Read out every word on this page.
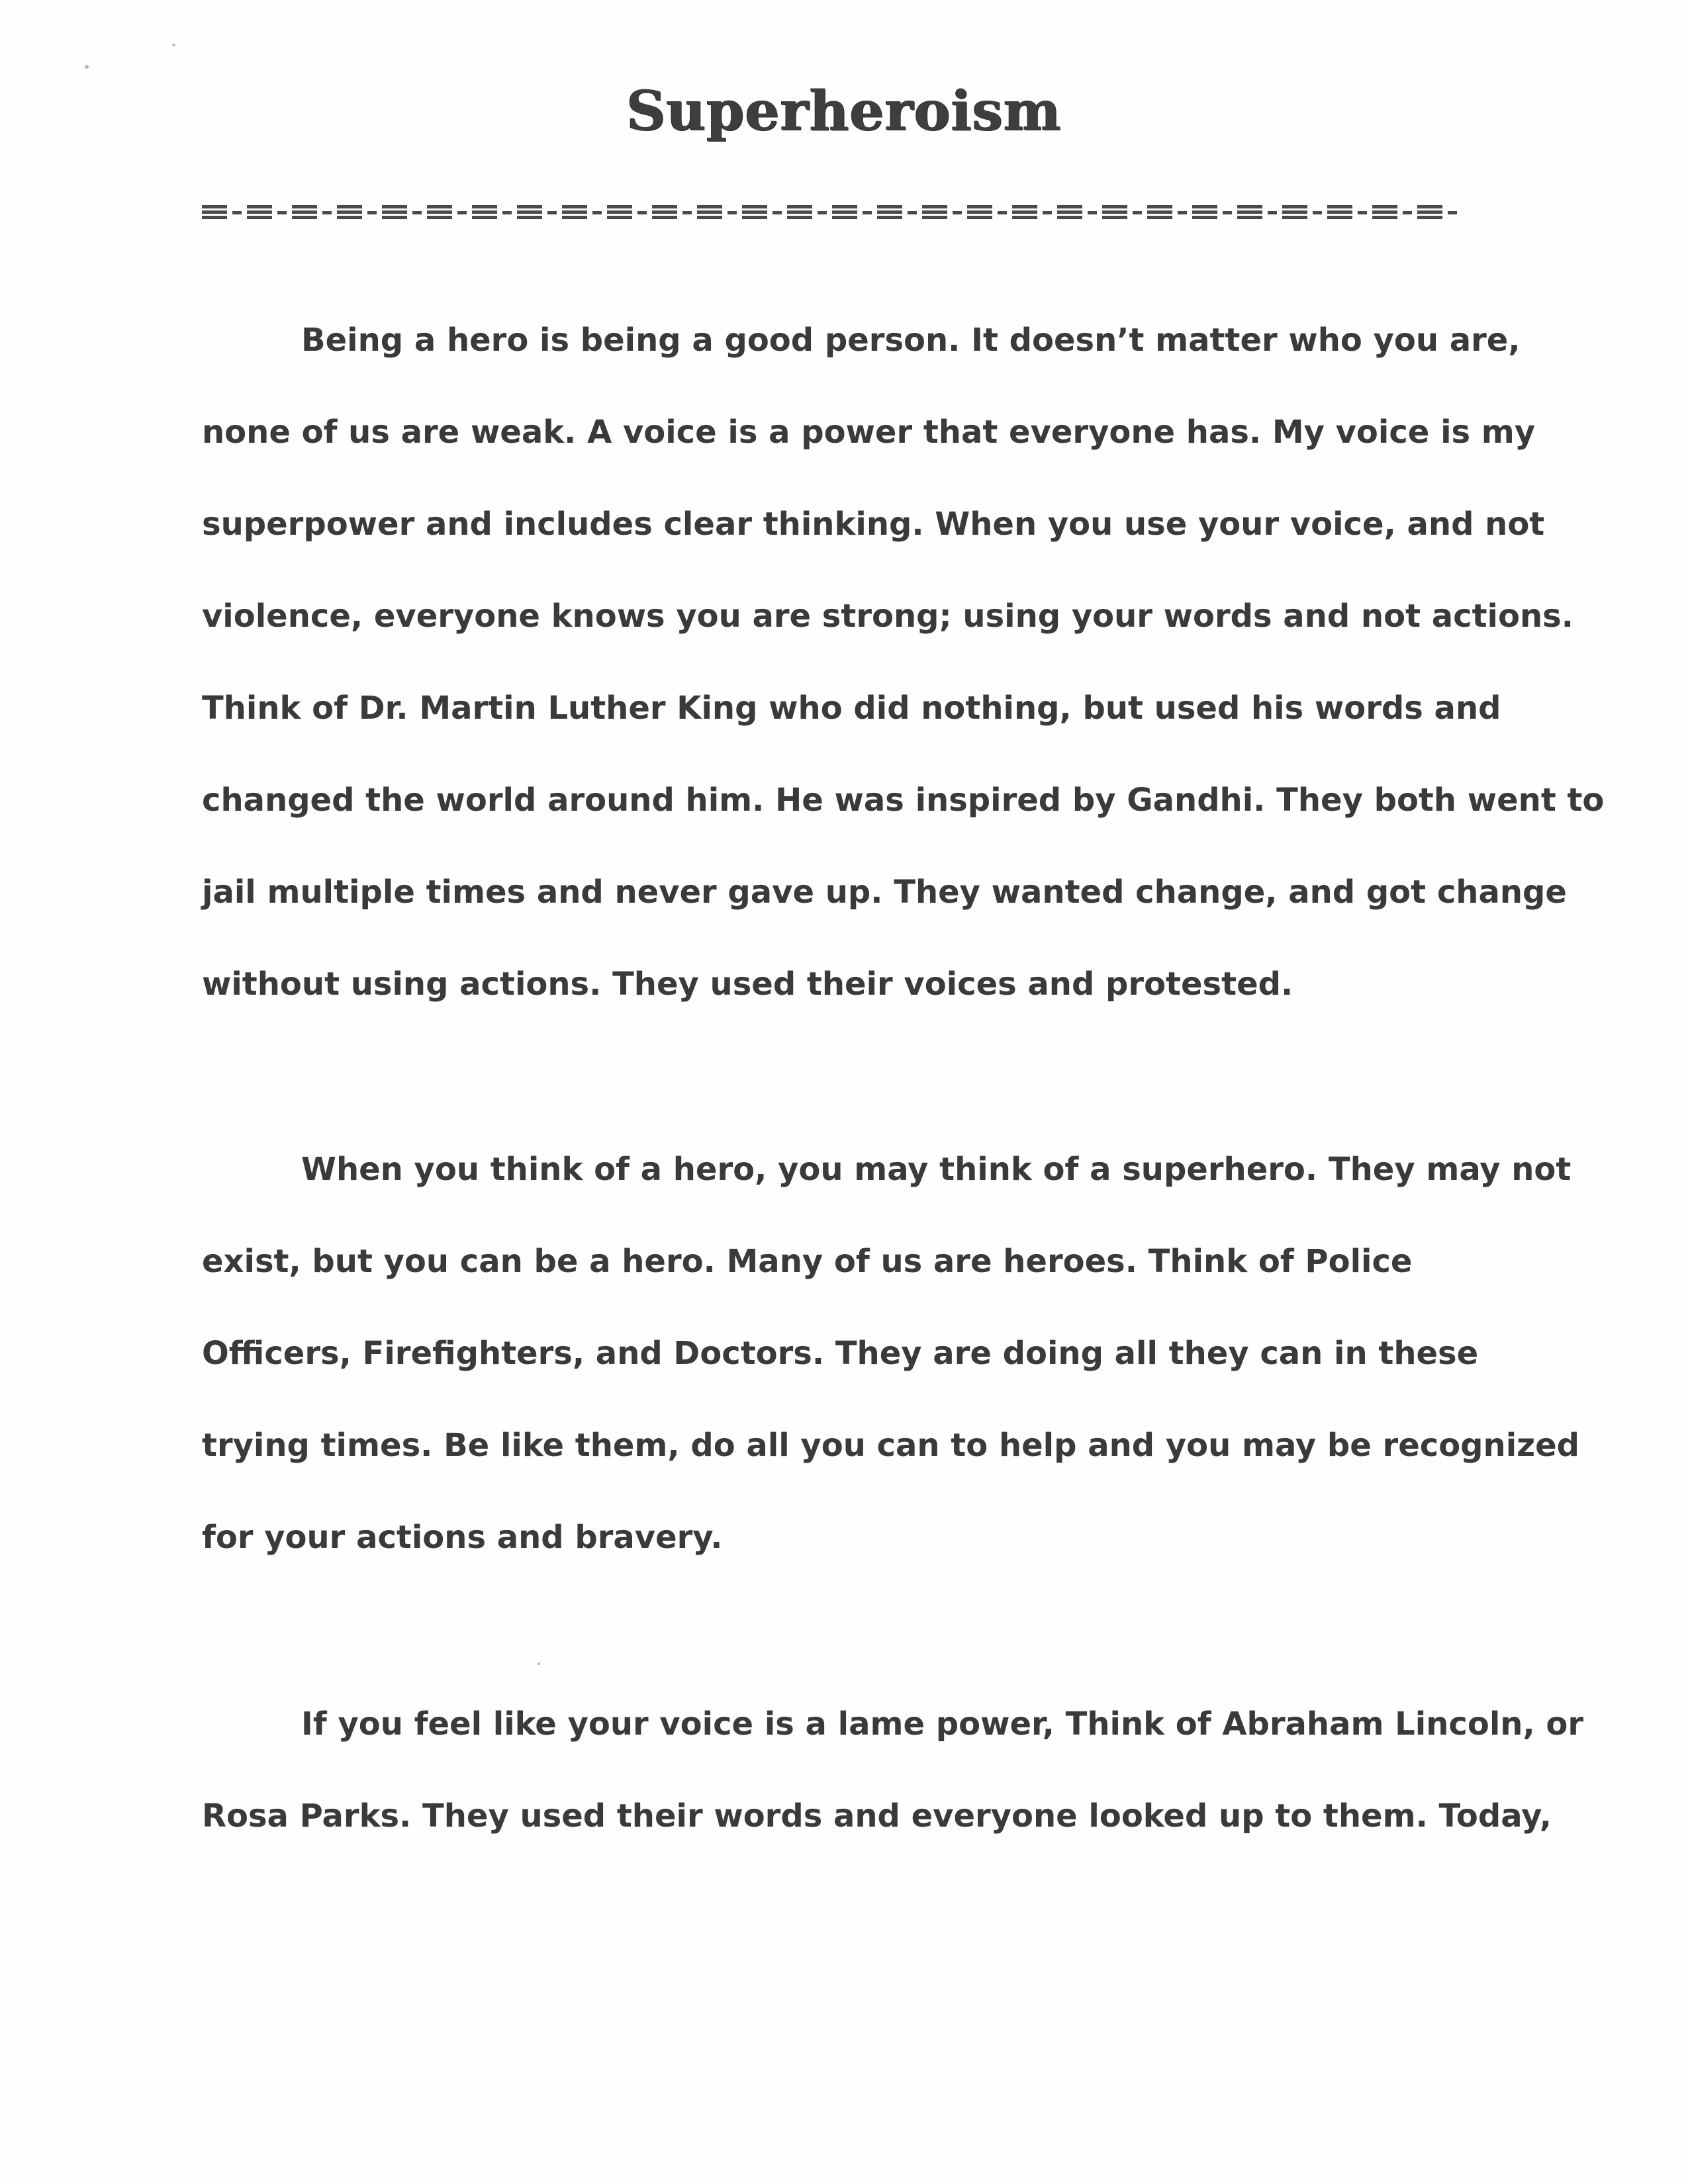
Superheroism
Being a hero is being a good person. It doesn’t matter who you are,
none of us are weak. A voice is a power that everyone has. My voice is my
superpower and includes clear thinking. When you use your voice, and not
violence, everyone knows you are strong; using your words and not actions.
Think of Dr. Martin Luther King who did nothing, but used his words and
changed the world around him. He was inspired by Gandhi. They both went to
jail multiple times and never gave up. They wanted change, and got change
without using actions. They used their voices and protested.
When you think of a hero, you may think of a superhero. They may not
exist, but you can be a hero. Many of us are heroes. Think of Police
Officers, Firefighters, and Doctors. They are doing all they can in these
trying times. Be like them, do all you can to help and you may be recognized
for your actions and bravery.
If you feel like your voice is a lame power, Think of Abraham Lincoln, or
Rosa Parks. They used their words and everyone looked up to them. Today,
